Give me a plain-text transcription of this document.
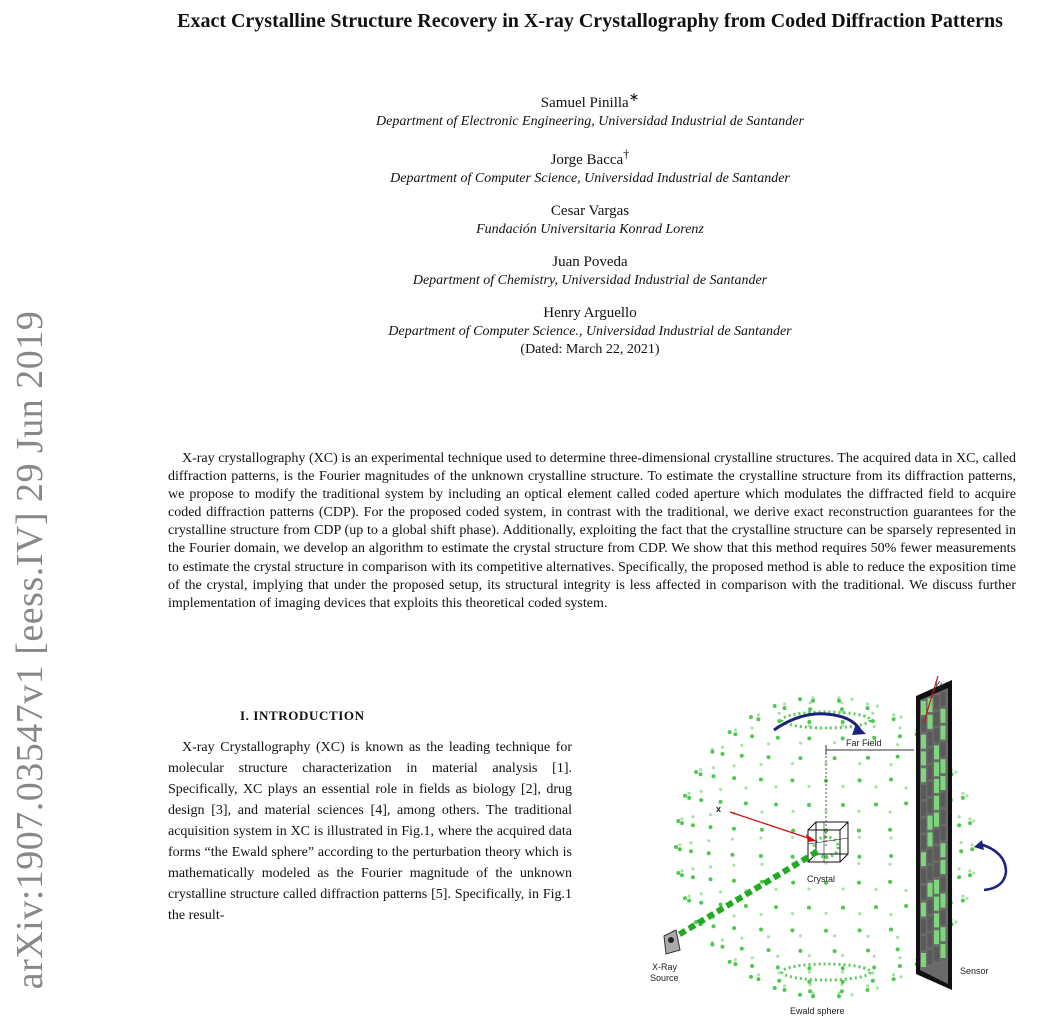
arXiv:1907.03547v1 [eess.IV] 29 Jun 2019
Exact Crystalline Structure Recovery in X-ray Crystallography from Coded Diffraction Patterns
Samuel Pinilla∗
Department of Electronic Engineering, Universidad Industrial de Santander
Jorge Bacca†
Department of Computer Science, Universidad Industrial de Santander
Cesar Vargas
Fundación Universitaria Konrad Lorenz
Juan Poveda
Department of Chemistry, Universidad Industrial de Santander
Henry Arguello
Department of Computer Science., Universidad Industrial de Santander
(Dated: March 22, 2021)
X-ray crystallography (XC) is an experimental technique used to determine three-dimensional crystalline structures. The acquired data in XC, called diffraction patterns, is the Fourier magnitudes of the unknown crystalline structure. To estimate the crystalline structure from its diffraction patterns, we propose to modify the traditional system by including an optical element called coded aperture which modulates the diffracted field to acquire coded diffraction patterns (CDP). For the proposed coded system, in contrast with the traditional, we derive exact reconstruction guarantees for the crystalline structure from CDP (up to a global shift phase). Additionally, exploiting the fact that the crystalline structure can be sparsely represented in the Fourier domain, we develop an algorithm to estimate the crystal structure from CDP. We show that this method requires 50% fewer measurements to estimate the crystal structure in comparison with its competitive alternatives. Specifically, the proposed method is able to reduce the exposition time of the crystal, implying that under the proposed setup, its structural integrity is less affected in comparison with the traditional. We discuss further implementation of imaging devices that exploits this theoretical coded system.
I. INTRODUCTION
X-ray Crystallography (XC) is known as the leading technique for molecular structure characterization in material analysis [1]. Specifically, XC plays an essential role in fields as biology [2], drug design [3], and material sciences [4], among others. The traditional acquisition system in XC is illustrated in Fig.1, where the acquired data forms “the Ewald sphere” according to the perturbation theory which is mathematically modeled as the Fourier magnitude of the unknown crystalline structure called diffraction patterns [5]. Specifically, in Fig.1 the result-
Far Field
yk
x
Crystal
X-Ray
Source
Sensor
Ewald sphere
